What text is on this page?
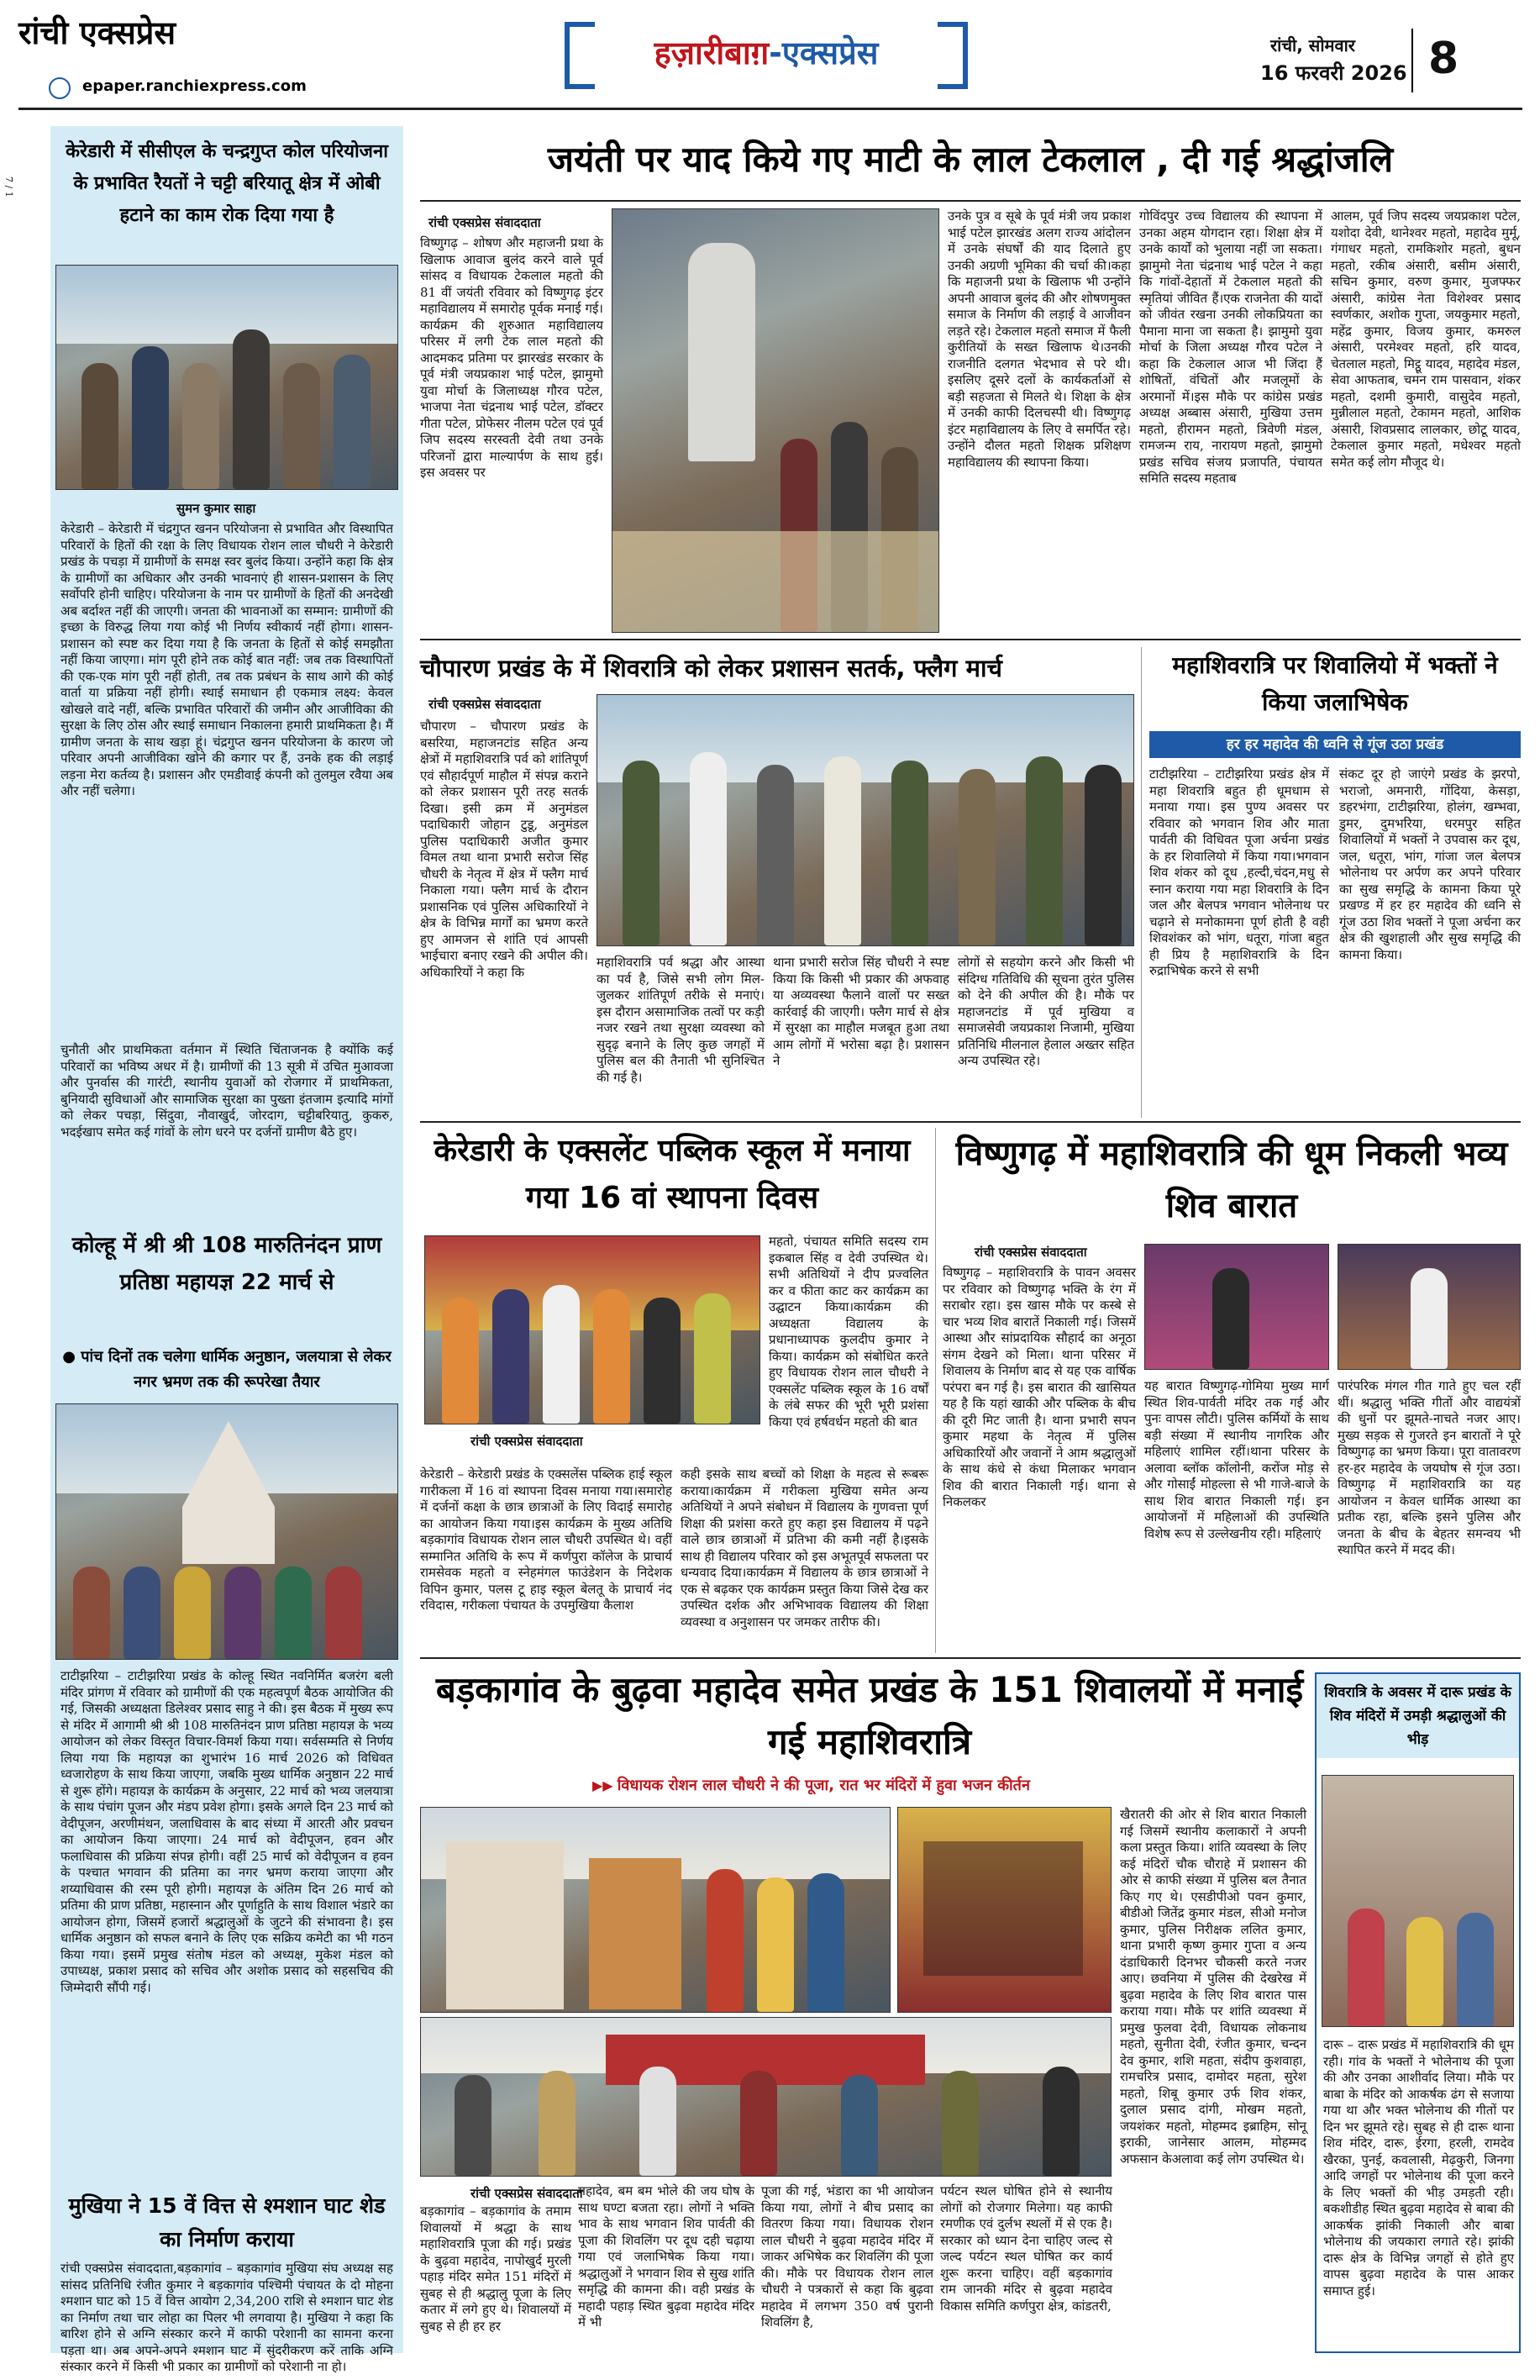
रांची एक्सप्रेस
epaper.ranchiexpress.com
हज़ारीबाग़-एक्सप्रेस	रांची, सोमवार
16 फरवरी 2026 8
7 / 1
केरेडारी में सीसीएल के चन्द्रगुप्त कोल परियोजना के प्रभावित रैयतों ने चट्टी बरियातू क्षेत्र में ओबी हटाने का काम रोक दिया गया है
सुमन कुमार साहा
केरेडारी – केरेडारी में चंद्रगुप्त खनन परियोजना से प्रभावित और विस्थापित परिवारों के हितों की रक्षा के लिए विधायक रोशन लाल चौधरी ने केरेडारी प्रखंड के पचड़ा में ग्रामीणों के समक्ष स्वर बुलंद किया। उन्होंने कहा कि क्षेत्र के ग्रामीणों का अधिकार और उनकी भावनाएं ही शासन-प्रशासन के लिए सर्वोपरि होनी चाहिए। परियोजना के नाम पर ग्रामीणों के हितों की अनदेखी अब बर्दाश्त नहीं की जाएगी। जनता की भावनाओं का सम्मान: ग्रामीणों की इच्छा के विरुद्ध लिया गया कोई भी निर्णय स्वीकार्य नहीं होगा। शासन-प्रशासन को स्पष्ट कर दिया गया है कि जनता के हितों से कोई समझौता नहीं किया जाएगा। मांग पूरी होने तक कोई बात नहीं: जब तक विस्थापितों की एक-एक मांग पूरी नहीं होती, तब तक प्रबंधन के साथ आगे की कोई वार्ता या प्रक्रिया नहीं होगी। स्थाई समाधान ही एकमात्र लक्ष्य: केवल खोखले वादे नहीं, बल्कि प्रभावित परिवारों की जमीन और आजीविका की सुरक्षा के लिए ठोस और स्थाई समाधान निकालना हमारी प्राथमिकता है। मैं ग्रामीण जनता के साथ खड़ा हूं। चंद्रगुप्त खनन परियोजना के कारण जो परिवार अपनी आजीविका खोने की कगार पर हैं, उनके हक की लड़ाई लड़ना मेरा कर्तव्य है। प्रशासन और एमडीवाई कंपनी को तुलमुल रवैया अब और नहीं चलेगा।
चुनौती और प्राथमिकता वर्तमान में स्थिति चिंताजनक है क्योंकि कई परिवारों का भविष्य अधर में है। ग्रामीणों की 13 सूत्री में उचित मुआवजा और पुनर्वास की गारंटी, स्थानीय युवाओं को रोजगार में प्राथमिकता, बुनियादी सुविधाओं और सामाजिक सुरक्षा का पुख्ता इंतजाम इत्यादि मांगों को लेकर पचड़ा, सिंदुवा, नौवाखुर्द, जोरदाग, चट्टीबरियातु, कुकरु, भदईखाप समेत कई गांवों के लोग धरने पर दर्जनों ग्रामीण बैठे हुए।
कोल्हू में श्री श्री 108 मारुतिनंदन प्राण प्रतिष्ठा महायज्ञ 22 मार्च से
● पांच दिनों तक चलेगा धार्मिक अनुष्ठान, जलयात्रा से लेकर नगर भ्रमण तक की रूपरेखा तैयार
टाटीझरिया – टाटीझरिया प्रखंड के कोल्हू स्थित नवनिर्मित बजरंग बली मंदिर प्रांगण में रविवार को ग्रामीणों की एक महत्वपूर्ण बैठक आयोजित की गई, जिसकी अध्यक्षता डिलेश्वर प्रसाद साहु ने की। इस बैठक में मुख्य रूप से मंदिर में आगामी श्री श्री 108 मारुतिनंदन प्राण प्रतिष्ठा महायज्ञ के भव्य आयोजन को लेकर विस्तृत विचार-विमर्श किया गया। सर्वसम्मति से निर्णय लिया गया कि महायज्ञ का शुभारंभ 16 मार्च 2026 को विधिवत ध्वजारोहण के साथ किया जाएगा, जबकि मुख्य धार्मिक अनुष्ठान 22 मार्च से शुरू होंगे। महायज्ञ के कार्यक्रम के अनुसार, 22 मार्च को भव्य जलयात्रा के साथ पंचांग पूजन और मंडप प्रवेश होगा। इसके अगले दिन 23 मार्च को वेदीपूजन, अरणीमंथन, जलाधिवास के बाद संध्या में आरती और प्रवचन का आयोजन किया जाएगा। 24 मार्च को वेदीपूजन, हवन और फलाधिवास की प्रक्रिया संपन्न होगी। वहीं 25 मार्च को वेदीपूजन व हवन के पश्चात भगवान की प्रतिमा का नगर भ्रमण कराया जाएगा और शय्याधिवास की रस्म पूरी होगी। महायज्ञ के अंतिम दिन 26 मार्च को प्रतिमा की प्राण प्रतिष्ठा, महास्नान और पूर्णाहुति के साथ विशाल भंडारे का आयोजन होगा, जिसमें हजारों श्रद्धालुओं के जुटने की संभावना है। इस धार्मिक अनुष्ठान को सफल बनाने के लिए एक सक्रिय कमेटी का भी गठन किया गया। इसमें प्रमुख संतोष मंडल को अध्यक्ष, मुकेश मंडल को उपाध्यक्ष, प्रकाश प्रसाद को सचिव और अशोक प्रसाद को सहसचिव की जिम्मेदारी सौंपी गई।
मुखिया ने 15 वें वित्त से श्मशान घाट शेड का निर्माण कराया
रांची एक्सप्रेस संवाददाता,बड़कागांव – बड़कागांव मुखिया संघ अध्यक्ष सह सांसद प्रतिनिधि रंजीत कुमार ने बड़कागांव पश्चिमी पंचायत के दो मोहना श्मशान घाट को 15 वें वित्त आयोग 2,34,200 राशि से श्मशान घाट शेड का निर्माण तथा चार लोहा का पिलर भी लगवाया है। मुखिया ने कहा कि बारिश होने से अग्नि संस्कार करने में काफी परेशानी का सामना करना पड़ता था। अब अपने-अपने श्मशान घाट में सुंदरीकरण करें ताकि अग्नि संस्कार करने में किसी भी प्रकार का ग्रामीणों को परेशानी ना हो।
जयंती पर याद किये गए माटी के लाल टेकलाल , दी गई श्रद्धांजलि
रांची एक्सप्रेस संवाददाता
विष्णुगढ़ – शोषण और महाजनी प्रथा के खिलाफ आवाज बुलंद करने वाले पूर्व सांसद व विधायक टेकलाल महतो की 81 वीं जयंती रविवार को विष्णुगढ़ इंटर महाविद्यालय में समारोह पूर्वक मनाई गई। कार्यक्रम की शुरुआत महाविद्यालय परिसर में लगी टेक लाल महतो की आदमकद प्रतिमा पर झारखंड सरकार के पूर्व मंत्री जयप्रकाश भाई पटेल, झामुमो युवा मोर्चा के जिलाध्यक्ष गौरव पटेल, भाजपा नेता चंद्रनाथ भाई पटेल, डॉक्टर गीता पटेल, प्रोफेसर नीलम पटेल एवं पूर्व जिप सदस्य सरस्वती देवी तथा उनके परिजनों द्वारा माल्यार्पण के साथ हुई। इस अवसर पर
उनके पुत्र व सूबे के पूर्व मंत्री जय प्रकाश भाई पटेल झारखंड अलग राज्य आंदोलन में उनके संघर्षों की याद दिलाते हुए उनकी अग्रणी भूमिका की चर्चा की।कहा कि महाजनी प्रथा के खिलाफ भी उन्होंने अपनी आवाज बुलंद की और शोषणमुक्त समाज के निर्माण की लड़ाई वे आजीवन लड़ते रहे। टेकलाल महतो समाज में फैली कुरीतियों के सख्त खिलाफ थे।उनकी राजनीति दलगत भेदभाव से परे थी।इसलिए दूसरे दलों के कार्यकर्ताओं से बड़ी सहजता से मिलते थे। शिक्षा के क्षेत्र में उनकी काफी दिलचस्पी थी। विष्णुगढ़ इंटर महाविद्यालय के लिए वे समर्पित रहे। उन्होंने दौलत महतो शिक्षक प्रशिक्षण महाविद्यालय की स्थापना किया।
गोविंदपुर उच्च विद्यालय की स्थापना में उनका अहम योगदान रहा। शिक्षा क्षेत्र में उनके कार्यों को भुलाया नहीं जा सकता। झामुमो नेता चंद्रनाथ भाई पटेल ने कहा कि गांवों-देहातों में टेकलाल महतो की स्मृतियां जीवित हैं।एक राजनेता की यादों को जीवंत रखना उनकी लोकप्रियता का पैमाना माना जा सकता है। झामुमो युवा मोर्चा के जिला अध्यक्ष गौरव पटेल ने कहा कि टेकलाल आज भी जिंदा हैं शोषितों, वंचितों और मजलूमों के अरमानों में।इस मौके पर कांग्रेस प्रखंड अध्यक्ष अब्बास अंसारी, मुखिया उत्तम महतो, हीरामन महतो, त्रिवेणी मंडल, रामजन्म राय, नारायण महतो, झामुमो प्रखंड सचिव संजय प्रजापति, पंचायत समिति सदस्य महताब
आलम, पूर्व जिप सदस्य जयप्रकाश पटेल, यशोदा देवी, थानेश्वर महतो, महादेव मुर्मू, गंगाधर महतो, रामकिशोर महतो, बुधन महतो, रकीब अंसारी, बसीम अंसारी, सचिन कुमार, वरुण कुमार, मुजफ्फर अंसारी, कांग्रेस नेता विशेश्वर प्रसाद स्वर्णकार, अशोक गुप्ता, जयकुमार महतो, महेंद्र कुमार, विजय कुमार, कमरुल अंसारी, परमेश्वर महतो, हरि यादव, चेतलाल महतो, मिट्ठू यादव, महादेव मंडल, सेवा आफताब, चमन राम पासवान, शंकर महतो, दशमी कुमारी, वासुदेव महतो, मुन्नीलाल महतो, टेकामन महतो, आशिक अंसारी, शिवप्रसाद लालकार, छोटू यादव, टेकलाल कुमार महतो, मधेश्वर महतो समेत कई लोग मौजूद थे।
चौपारण प्रखंड के में शिवरात्रि को लेकर प्रशासन सतर्क, फ्लैग मार्च
रांची एक्सप्रेस संवाददाता
चौपारण – चौपारण प्रखंड के बसरिया, महाजनटांड सहित अन्य क्षेत्रों में महाशिवरात्रि पर्व को शांतिपूर्ण एवं सौहार्दपूर्ण माहौल में संपन्न कराने को लेकर प्रशासन पूरी तरह सतर्क दिखा। इसी क्रम में अनुमंडल पदाधिकारी जोहान टुडू, अनुमंडल पुलिस पदाधिकारी अजीत कुमार विमल तथा थाना प्रभारी सरोज सिंह चौधरी के नेतृत्व में क्षेत्र में फ्लैग मार्च निकाला गया। फ्लैग मार्च के दौरान प्रशासनिक एवं पुलिस अधिकारियों ने क्षेत्र के विभिन्न मार्गों का भ्रमण करते हुए आमजन से शांति एवं आपसी भाईचारा बनाए रखने की अपील की। अधिकारियों ने कहा कि
महाशिवरात्रि पर्व श्रद्धा और आस्था का पर्व है, जिसे सभी लोग मिल-जुलकर शांतिपूर्ण तरीके से मनाएं। इस दौरान असामाजिक तत्वों पर कड़ी नजर रखने तथा सुरक्षा व्यवस्था को सुदृढ़ बनाने के लिए कुछ जगहों में पुलिस बल की तैनाती भी सुनिश्चित की गई है।
थाना प्रभारी सरोज सिंह चौधरी ने स्पष्ट किया कि किसी भी प्रकार की अफवाह या अव्यवस्था फैलाने वालों पर सख्त कार्रवाई की जाएगी। फ्लैग मार्च से क्षेत्र में सुरक्षा का माहौल मजबूत हुआ तथा आम लोगों में भरोसा बढ़ा है। प्रशासन ने
लोगों से सहयोग करने और किसी भी संदिग्ध गतिविधि की सूचना तुरंत पुलिस को देने की अपील की है। मौके पर महाजनटांड में पूर्व मुखिया व समाजसेवी जयप्रकाश निजामी, मुखिया प्रतिनिधि मीलनाल हेलाल अख्तर सहित अन्य उपस्थित रहे।
महाशिवरात्रि पर शिवालियो में भक्तों ने किया जलाभिषेक
हर हर महादेव की ध्वनि से गूंज उठा प्रखंड
टाटीझरिया – टाटीझरिया प्रखंड क्षेत्र में महा शिवरात्रि बहुत ही धूमधाम से मनाया गया। इस पुण्य अवसर पर रविवार को भगवान शिव और माता पार्वती की विधिवत पूजा अर्चना प्रखंड के हर शिवालियो में किया गया।भगवान शिव शंकर को दूध ,हल्दी,चंदन,मधु से स्नान कराया गया महा शिवरात्रि के दिन जल और बेलपत्र भगवान भोलेनाथ पर चढ़ाने से मनोकामना पूर्ण होती है वही शिवशंकर को भांग, धतूरा, गांजा बहुत ही प्रिय है महाशिवरात्रि के दिन रुद्राभिषेक करने से सभी
संकट दूर हो जाएंगे प्रखंड के झरपो, भराजो, अमनारी, गोंदिया, केसड़ा, डहरभंगा, टाटीझरिया, होलंग, खम्भवा, डुमर, दुमभरिया, धरमपुर सहित शिवालियों में भक्तों ने उपवास कर दूध, जल, धतूरा, भांग, गांजा जल बेलपत्र भोलेनाथ पर अर्पण कर अपने परिवार का सुख समृद्धि के कामना किया पूरे प्रखण्ड में हर हर महादेव की ध्वनि से गूंज उठा शिव भक्तों ने पूजा अर्चना कर क्षेत्र की खुशहाली और सुख समृद्धि की कामना किया।
केरेडारी के एक्सलेंट पब्लिक स्कूल में मनाया गया 16 वां स्थापना दिवस
महतो, पंचायत समिति सदस्य राम इकबाल सिंह व देवी उपस्थित थे।सभी अतिथियों ने दीप प्रज्वलित कर व फीता काट कर कार्यक्रम का उद्घाटन किया।कार्यक्रम की अध्यक्षता विद्यालय के प्रधानाध्यापक कुलदीप कुमार ने किया। कार्यक्रम को संबोधित करते हुए विधायक रोशन लाल चौधरी ने एक्सलेंट पब्लिक स्कूल के 16 वर्षों के लंबे सफर की भूरी भूरी प्रशंसा किया एवं हर्षवर्धन महतो की बात
रांची एक्सप्रेस संवाददाता
केरेडारी – केरेडारी प्रखंड के एक्सलेंस पब्लिक हाई स्कूल गारीकला में 16 वां स्थापना दिवस मनाया गया।समारोह में दर्जनों कक्षा के छात्र छात्राओं के लिए विदाई समारोह का आयोजन किया गया।इस कार्यक्रम के मुख्य अतिथि बड़कागांव विधायक रोशन लाल चौधरी उपस्थित थे। वहीं सम्मानित अतिथि के रूप में कर्णपुरा कॉलेज के प्राचार्य रामसेवक महतो व स्नेहमंगल फाउंडेशन के निदेशक विपिन कुमार, पलस टू हाइ स्कूल बेलतू के प्राचार्य नंद रविदास, गरीकला पंचायत के उपमुखिया कैलाश
कही इसके साथ बच्चों को शिक्षा के महत्व से रूबरू कराया।कार्यक्रम में गरीकला मुखिया समेत अन्य अतिथियों ने अपने संबोधन में विद्यालय के गुणवत्ता पूर्ण शिक्षा की प्रशंसा करते हुए कहा इस विद्यालय में पढ़ने वाले छात्र छात्राओं में प्रतिभा की कमी नहीं है।इसके साथ ही विद्यालय परिवार को इस अभूतपूर्व सफलता पर धन्यवाद दिया।कार्यक्रम में विद्यालय के छात्र छात्राओं ने एक से बढ़कर एक कार्यक्रम प्रस्तुत किया जिसे देख कर उपस्थित दर्शक और अभिभावक विद्यालय की शिक्षा व्यवस्था व अनुशासन पर जमकर तारीफ की।
विष्णुगढ़ में महाशिवरात्रि की धूम निकली भव्य शिव बारात
रांची एक्सप्रेस संवाददाता
विष्णुगढ़ – महाशिवरात्रि के पावन अवसर पर रविवार को विष्णुगढ़ भक्ति के रंग में सराबोर रहा। इस खास मौके पर कस्बे से चार भव्य शिव बारातें निकाली गई। जिसमें आस्था और सांप्रदायिक सौहार्द का अनूठा संगम देखने को मिला। थाना परिसर में शिवालय के निर्माण बाद से यह एक वार्षिक परंपरा बन गई है। इस बारात की खासियत यह है कि यहां खाकी और पब्लिक के बीच की दूरी मिट जाती है। थाना प्रभारी सपन कुमार महथा के नेतृत्व में पुलिस अधिकारियों और जवानों ने आम श्रद्धालुओं के साथ कंधे से कंधा मिलाकर भगवान शिव की बारात निकाली गई। थाना से निकलकर
यह बारात विष्णुगढ़-गोमिया मुख्य मार्ग स्थित शिव-पार्वती मंदिर तक गई और पुनः वापस लौटी। पुलिस कर्मियों के साथ बड़ी संख्या में स्थानीय नागरिक और महिलाएं शामिल रहीं।थाना परिसर के अलावा ब्लॉक कॉलोनी, करोंज मोड़ से और गोसाईं मोहल्ला से भी गाजे-बाजे के साथ शिव बारात निकाली गई। इन आयोजनों में महिलाओं की उपस्थिति विशेष रूप से उल्लेखनीय रही। महिलाएं
पारंपरिक मंगल गीत गाते हुए चल रहीं थीं। श्रद्धालु भक्ति गीतों और वाद्ययंत्रों की धुनों पर झूमते-नाचते नजर आए। मुख्य सड़क से गुजरते इन बारातों ने पूरे विष्णुगढ़ का भ्रमण किया। पूरा वातावरण हर-हर महादेव के जयघोष से गूंज उठा।विष्णुगढ़ में महाशिवरात्रि का यह आयोजन न केवल धार्मिक आस्था का प्रतीक रहा, बल्कि इसने पुलिस और जनता के बीच के बेहतर समन्वय भी स्थापित करने में मदद की।
बड़कागांव के बुढ़वा महादेव समेत प्रखंड के 151 शिवालयों में मनाई गई महाशिवरात्रि
▶▶ विधायक रोशन लाल चौधरी ने की पूजा, रात भर मंदिरों में हुवा भजन कीर्तन
रांची एक्सप्रेस संवाददाता
बड़कागांव – बड़कागांव के तमाम शिवालयों में श्रद्धा के साथ महाशिवरात्रि पूजा की गई। प्रखंड के बुढ़वा महादेव, नापोखुर्द मुरली पहाड़ मंदिर समेत 151 मंदिरों में सुबह से ही श्रद्धालु पूजा के लिए कतार में लगे हुए थे। शिवालयों में सुबह से ही हर हर
महादेव, बम बम भोले की जय घोष के साथ घण्टा बजता रहा। लोगों ने भक्ति भाव के साथ भगवान शिव पार्वती की पूजा की शिवलिंग पर दूध दही चढ़ाया गया एवं जलाभिषेक किया गया। श्रद्धालुओं ने भगवान शिव से सुख शांति समृद्धि की कामना की। वही प्रखंड के महादी पहाड़ स्थित बुढ़वा महादेव मंदिर में भी
पूजा की गई, भंडारा का भी आयोजन किया गया, लोगों ने बीच प्रसाद का वितरण किया गया। विधायक रोशन लाल चौधरी ने बुढ़वा महादेव मंदिर में जाकर अभिषेक कर शिवलिंग की पूजा की। मौके पर विधायक रोशन लाल चौधरी ने पत्रकारों से कहा कि बुढ़वा महादेव में लगभग 350 वर्ष पुरानी शिवलिंग है,
पर्यटन स्थल घोषित होने से स्थानीय लोगों को रोजगार मिलेगा। यह काफी रमणीक एवं दुर्लभ स्थलों में से एक है। सरकार को ध्यान देना चाहिए जल्द से जल्द पर्यटन स्थल घोषित कर कार्य शुरू करना चाहिए। वहीं बड़कागांव राम जानकी मंदिर से बुढ़वा महादेव विकास समिति कर्णपुरा क्षेत्र, कांडतरी,
खैरातरी की ओर से शिव बारात निकाली गई जिसमें स्थानीय कलाकारों ने अपनी कला प्रस्तुत किया। शांति व्यवस्था के लिए कई मंदिरों चौक चौराहे में प्रशासन की ओर से काफी संख्या में पुलिस बल तैनात किए गए थे। एसडीपीओ पवन कुमार, बीडीओ जितेंद्र कुमार मंडल, सीओ मनोज कुमार, पुलिस निरीक्षक ललित कुमार, थाना प्रभारी कृष्ण कुमार गुप्ता व अन्य दंडाधिकारी दिनभर चौकसी करते नजर आए। छवनिया में पुलिस की देखरेख में बुढ़वा महादेव के लिए शिव बारात पास कराया गया। मौके पर शांति व्यवस्था में प्रमुख फुलवा देवी, विधायक लोकनाथ महतो, सुनीता देवी, रंजीत कुमार, चन्दन देव कुमार, शशि महता, संदीप कुशवाहा, रामचरित्र प्रसाद, दामोदर महता, सुरेश महतो, शिबू कुमार उर्फ शिव शंकर, दुलाल प्रसाद दांगी, मोखम महतो, जयशंकर महतो, मोहम्मद इब्राहिम, सोनू इराकी, जानेसार आलम, मोहम्मद अफसान केअलावा कई लोग उपस्थित थे।
शिवरात्रि के अवसर में दारू प्रखंड के शिव मंदिरों में उमड़ी श्रद्धालुओं की भीड़
दारू – दारू प्रखंड में महाशिवरात्रि की धूम रही। गांव के भक्तों ने भोलेनाथ की पूजा की और उनका आशीर्वाद लिया। मौके पर बाबा के मंदिर को आकर्षक ढंग से सजाया गया था और भक्त भोलेनाथ की गीतों पर दिन भर झूमते रहे। सुबह से ही दारू थाना शिव मंदिर, दारू, ईरगा, हरली, रामदेव खैरका, पुनई, कवलासी, मेढ़कुरी, जिनगा आदि जगहों पर भोलेनाथ की पूजा करने के लिए भक्तों की भीड़ उमड़ती रही। बकशीडीह स्थित बुढ़वा महादेव से बाबा की आकर्षक झांकी निकाली और बाबा भोलेनाथ की जयकारा लगाते रहे। झांकी दारू क्षेत्र के विभिन्न जगहों से होते हुए वापस बुढ़वा महादेव के पास आकर समाप्त हुई।
